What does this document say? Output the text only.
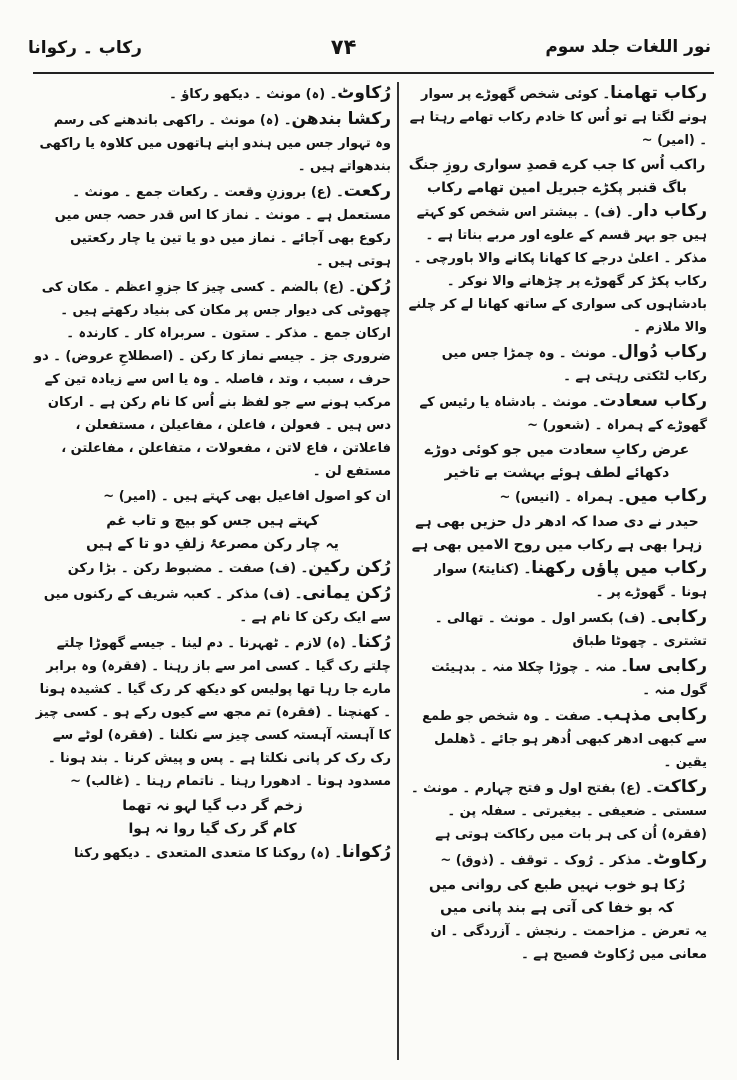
نور اللغات جلد سوم
۷۴
رکاب ۔ رکوانا
رکاب تھامنا۔ کوئی شخص گھوڑے پر سوار ہونے لگتا ہے تو اُس کا خادم رکاب تھامے رہتا ہے ۔ (امیر) ~
راکب اُس کا جب کرے قصدِ سواری روزِ جنگ
باگ قنبر پکڑے جبریل امین تھامے رکاب
رکاب دار۔ (ف) ۔ بیشتر اس شخص کو کہتے ہیں جو بہر قسم کے علوے اور مربے بناتا ہے ۔ مذکر ۔ اعلیٰ درجے کا کھانا پکانے والا باورچی ۔ رکاب پکڑ کر گھوڑے پر چڑھانے والا نوکر ۔ بادشاہوں کی سواری کے ساتھ کھانا لے کر چلنے والا ملازم ۔
رکاب دُوال۔ مونث ۔ وہ چمڑا جس میں رکاب لٹکتی رہتی ہے ۔
رکاب سعادت۔ مونث ۔ بادشاہ یا رئیس کے گھوڑے کے ہمراہ ۔ (شعور) ~
عرض رکابِ سعادت میں جو کوئی دوڑے
دکھائے لطف ہوئے بہشت بے تاخیر
رکاب میں۔ ہمراہ ۔ (انیس) ~
حیدر نے دی صدا کہ ادھر دل حزیں بھی ہے
زہرا بھی ہے رکاب میں روح الامیں بھی ہے
رکاب میں پاؤں رکھنا۔ (کنایتہً) سوار ہونا ۔ گھوڑے پر ۔
رکابی۔ (ف) بکسر اول ۔ مونث ۔ تھالی ۔ تشتری ۔ چھوٹا طباق
رکابی سا۔ منہ ۔ چوڑا چکلا منہ ۔ بدہیئت گول منہ ۔
رکابی مذہب۔ صفت ۔ وہ شخص جو طمع سے کبھی ادھر کبھی اُدھر ہو جائے ۔ ڈھلمل یقین ۔
رکاکت۔ (ع) بفتح اول و فتح چہارم ۔ مونث ۔ سستی ۔ ضعیفی ۔ بیغیرتی ۔ سفلہ پن ۔ (فقرہ) اُن کی ہر بات میں رکاکت ہوتی ہے
رکاوٹ۔ مذکر ۔ رُوک ۔ توقف ۔ (ذوق) ~
رُکا ہو خوب نہیں طبع کی روانی میں
کہ بو خفا کی آتی ہے بند پانی میں
یہ تعرض ۔ مزاحمت ۔ رنجش ۔ آزردگی ۔ ان معانی میں رُکاوٹ فصیح ہے ۔
رُکاوٹ۔ (ہ) مونث ۔ دیکھو رکاؤ ۔
رکشا بندھن۔ (ہ) مونث ۔ راکھی باندھنے کی رسم وہ تہوار جس میں ہندو اپنے ہاتھوں میں کلاوہ یا راکھی بندھواتے ہیں ۔
رکعت۔ (ع) بروزنِ وقعت ۔ رکعات جمع ۔ مونث ۔ مستعمل ہے ۔ مونث ۔ نماز کا اس قدر حصہ جس میں رکوع بھی آجائے ۔ نماز میں دو یا تین یا چار رکعتیں ہوتی ہیں ۔
رُکن۔ (ع) بالضم ۔ کسی چیز کا جزوِ اعظم ۔ مکان کی چھوٹی کی دیوار جس پر مکان کی بنیاد رکھتے ہیں ۔ ارکان جمع ۔ مذکر ۔ ستون ۔ سربراہ کار ۔ کارندہ ۔ ضروری جز ۔ جیسے نماز کا رکن ۔ (اصطلاحِ عروض) ۔ دو حرف ، سبب ، وتد ، فاصلہ ۔ وہ یا اس سے زیادہ تین کے مرکب ہونے سے جو لفظ بنے اُس کا نام رکن ہے ۔ ارکان دس ہیں ۔ فعولن ، فاعلن ، مفاعیلن ، مستفعلن ، فاعلاتن ، فاع لاتن ، مفعولات ، متفاعلن ، مفاعلتن ، مستفع لن ۔
ان کو اصول افاعیل بھی کہتے ہیں ۔ (امیر) ~
کہتے ہیں جس کو بیچ و تاب غم
یہ چار رکن مصرعۂ زلفِ دو تا کے ہیں
رُکن رکین۔ (ف) صفت ۔ مضبوط رکن ۔ بڑا رکن
رُکن یمانی۔ (ف) مذکر ۔ کعبہ شریف کے رکنوں میں سے ایک رکن کا نام ہے ۔
رُکنا۔ (ہ) لازم ۔ ٹھہرنا ۔ دم لینا ۔ جیسے گھوڑا چلتے چلتے رک گیا ۔ کسی امر سے باز رہنا ۔ (فقرہ) وہ برابر مارے جا رہا تھا پولیس کو دیکھ کر رک گیا ۔ کشیدہ ہونا ۔ کھنچنا ۔ (فقرہ) تم مجھ سے کیوں رکے ہو ۔ کسی چیز کا آہستہ آہستہ کسی چیز سے نکلنا ۔ (فقرہ) لوٹے سے رک رک کر پانی نکلتا ہے ۔ پس و پیش کرنا ۔ بند ہونا ۔ مسدود ہونا ۔ ادھورا رہنا ۔ ناتمام رہنا ۔ (غالب) ~
زخم گر دب گیا لہو نہ تھما
کام گر رک گیا روا نہ ہوا
رُکوانا۔ (ہ) روکنا کا متعدی المتعدی ۔ دیکھو رکنا
